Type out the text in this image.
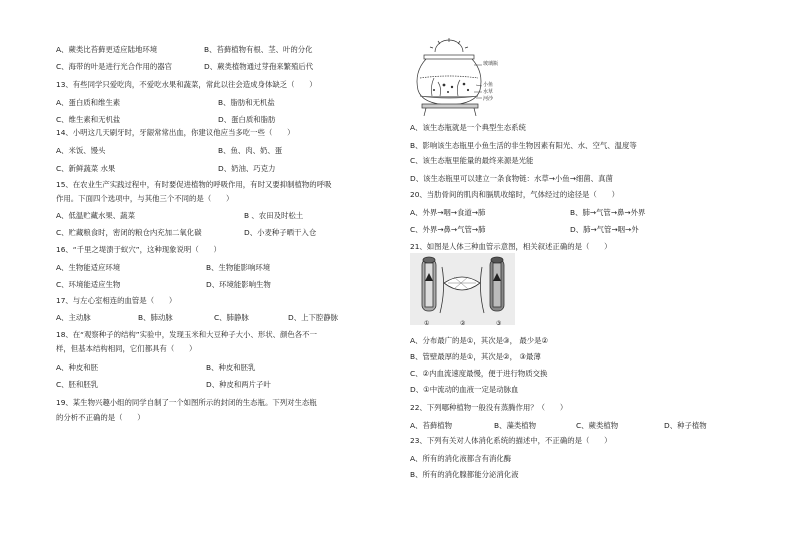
A、蕨类比苔藓更适应陆地环境	B、苔藓植物有根、茎、叶的分化
C、海带的叶是进行光合作用的器官	D、蕨类植物通过芽孢来繁殖后代
13、有些同学只爱吃肉，不爱吃水果和蔬菜，常此以往会造成身体缺乏（　　）
A、蛋白质和维生素	B、脂肪和无机盐
C、维生素和无机盐	D、蛋白质和脂肪
14、小明这几天刷牙时，牙龈常常出血，你建议他应当多吃一些（　　）
A、米饭、馒头	B、鱼、肉、奶、蛋
C、新鲜蔬菜 水果	D、奶油、巧克力
15、在农业生产实践过程中，有时要促进植物的呼吸作用，有时又要抑制植物的呼吸
作用。下面四个选项中，与其他三个不同的是（　　）
A、低温贮藏水果、蔬菜	B 、农田及时松土
C、贮藏粮食时，密闭的粮仓内充加二氧化碳	D、小麦种子晒干入仓
16、“千里之堤溃于蚁穴”，这种现象说明（　　）
A、生物能适应环境	B、生物能影响环境
C、环境能适应生物	D、环境能影响生物
17、与左心室相连的血管是（　　）
A、主动脉	B、肺动脉	C、肺静脉	D、上下腔静脉
18、在“观察种子的结构”实验中，发现玉米和大豆种子大小、形状、颜色各不一
样，但基本结构相同，它们都具有（　　）
A、种皮和胚	B、种皮和胚乳
C、胚和胚乳	D、种皮和两片子叶
19、某生物兴趣小组的同学自制了一个如图所示的封闭的生态瓶。下列对生态瓶
的分析不正确的是（　　）
玻璃瓶
小鱼
水草
河沙
A、该生态瓶就是一个典型生态系统
B、影响该生态瓶里小鱼生活的非生物因素有阳光、水、空气、温度等
C、该生态瓶里能量的最终来源是光能
D、该生态瓶里可以建立一条食物链：水草→小鱼→细菌、真菌
20、当肋骨间的肌肉和膈肌收缩时，气体经过的途径是（　　）
A、外界→咽→食道→肺	B、肺→气管→鼻→外界
C、外界→鼻→气管→肺	D、肺→气管→咽→外
21、如图是人体三种血管示意图，相关叙述正确的是（　　）
①	②	③
A、分布最广的是①，其次是③， 最少是②
B、管壁最厚的是①，其次是②， ③最薄
C、②内血流速度最慢，便于进行物质交换
D、①中流动的血液一定是动脉血
22、下列哪种植物一般没有蒸腾作用？（　　）
A、苔藓植物	B、藻类植物	C、蕨类植物	D、种子植物
23、下列有关对人体消化系统的描述中，不正确的是（　　）
A、所有的消化液都含有消化酶
B、所有的消化腺都能分泌消化液
